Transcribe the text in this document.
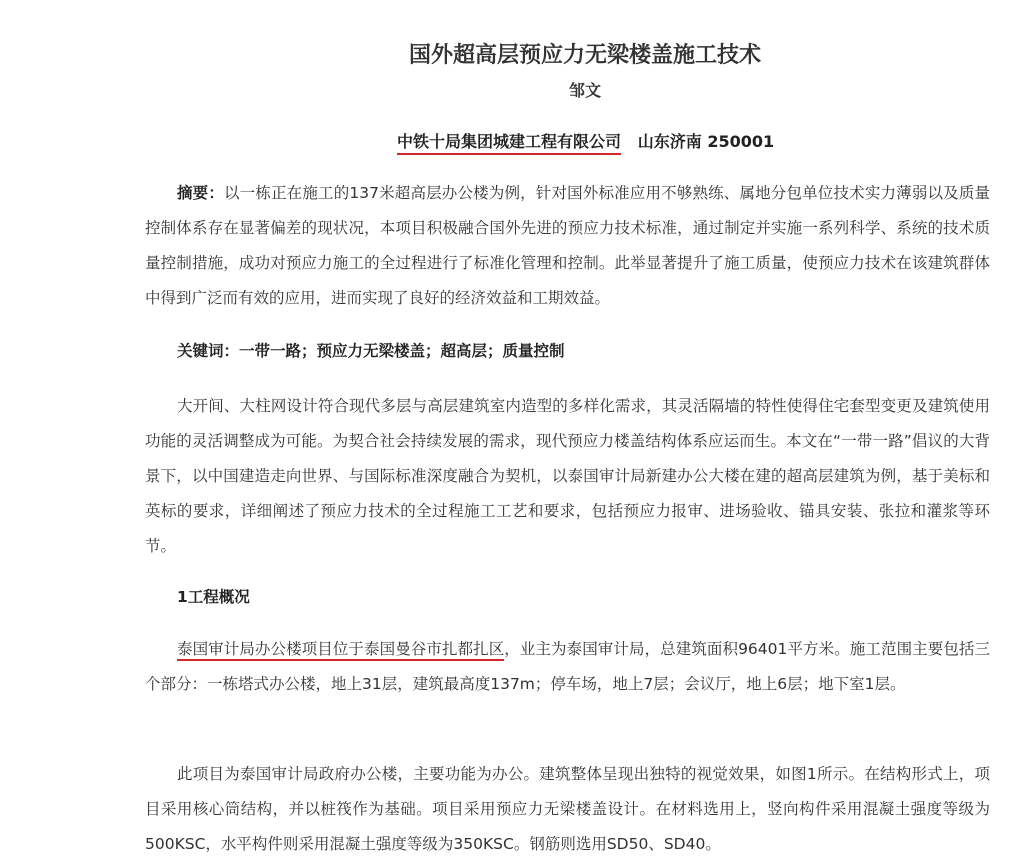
国外超高层预应力无梁楼盖施工技术
邹文
中铁十局集团城建工程有限公司 山东济南 250001
摘要：以一栋正在施工的137米超高层办公楼为例，针对国外标准应用不够熟练、属地分包单位技术实力薄弱以及质量控制体系存在显著偏差的现状况，本项目积极融合国外先进的预应力技术标准，通过制定并实施一系列科学、系统的技术质量控制措施，成功对预应力施工的全过程进行了标准化管理和控制。此举显著提升了施工质量，使预应力技术在该建筑群体中得到广泛而有效的应用，进而实现了良好的经济效益和工期效益。
关键词：一带一路；预应力无梁楼盖；超高层；质量控制
大开间、大柱网设计符合现代多层与高层建筑室内造型的多样化需求，其灵活隔墙的特性使得住宅套型变更及建筑使用功能的灵活调整成为可能。为契合社会持续发展的需求，现代预应力楼盖结构体系应运而生。本文在“一带一路”倡议的大背景下，以中国建造走向世界、与国际标准深度融合为契机，以泰国审计局新建办公大楼在建的超高层建筑为例，基于美标和英标的要求，详细阐述了预应力技术的全过程施工工艺和要求，包括预应力报审、进场验收、锚具安装、张拉和灌浆等环节。
1工程概况
泰国审计局办公楼项目位于泰国曼谷市扎都扎区，业主为泰国审计局，总建筑面积96401平方米。施工范围主要包括三个部分：一栋塔式办公楼，地上31层，建筑最高度137m；停车场，地上7层；会议厅，地上6层；地下室1层。
此项目为泰国审计局政府办公楼，主要功能为办公。建筑整体呈现出独特的视觉效果，如图1所示。在结构形式上，项目采用核心筒结构，并以桩筏作为基础。项目采用预应力无梁楼盖设计。在材料选用上，竖向构件采用混凝土强度等级为500KSC，水平构件则采用混凝土强度等级为350KSC。钢筋则选用SD50、SD40。
